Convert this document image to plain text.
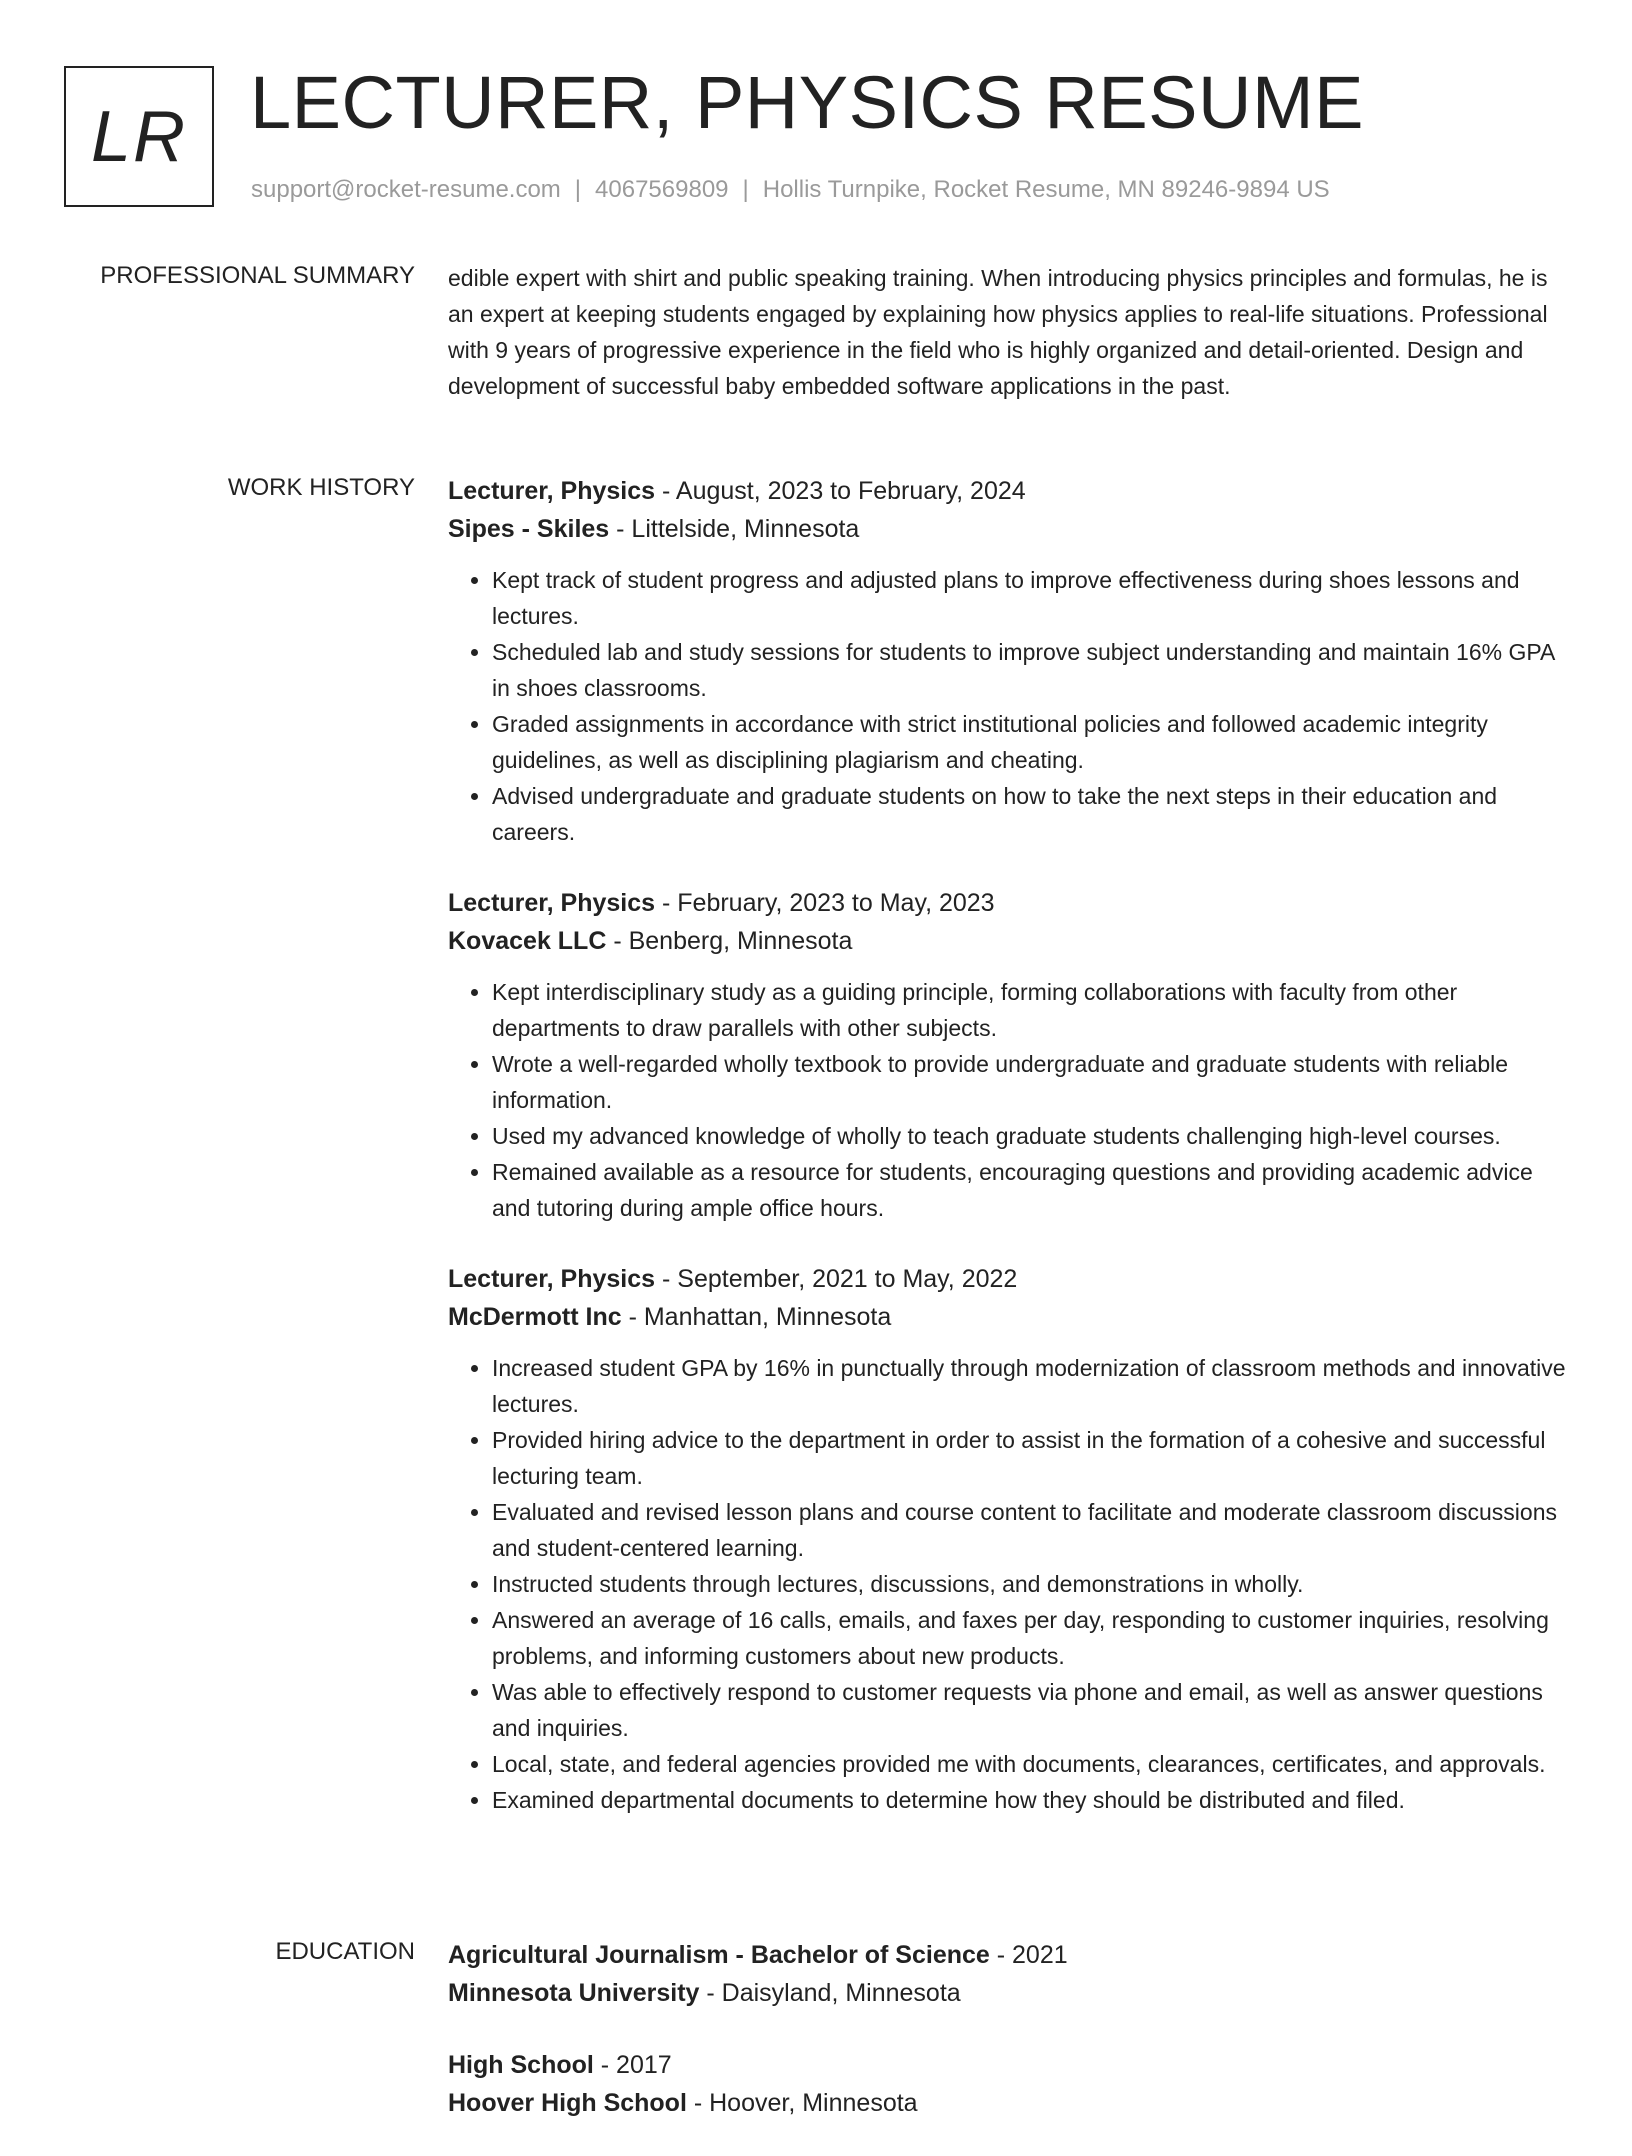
LR LECTURER, PHYSICS RESUME
support@rocket-resume.com | 4067569809 | Hollis Turnpike, Rocket Resume, MN 89246-9894 US
PROFESSIONAL SUMMARY edible expert with shirt and public speaking training. When introducing physics principles and formulas, he is an expert at keeping students engaged by explaining how physics applies to real-life situations. Professional with 9 years of progressive experience in the field who is highly organized and detail-oriented. Design and development of successful baby embedded software applications in the past.

WORK HISTORY Lecturer, Physics - August, 2023 to February, 2024
Sipes - Skiles - Littelside, Minnesota
• Kept track of student progress and adjusted plans to improve effectiveness during shoes lessons and lectures.
• Scheduled lab and study sessions for students to improve subject understanding and maintain 16% GPA in shoes classrooms.
• Graded assignments in accordance with strict institutional policies and followed academic integrity guidelines, as well as disciplining plagiarism and cheating.
• Advised undergraduate and graduate students on how to take the next steps in their education and careers.
Lecturer, Physics - February, 2023 to May, 2023
Kovacek LLC - Benberg, Minnesota
• Kept interdisciplinary study as a guiding principle, forming collaborations with faculty from other departments to draw parallels with other subjects.
• Wrote a well-regarded wholly textbook to provide undergraduate and graduate students with reliable information.
• Used my advanced knowledge of wholly to teach graduate students challenging high-level courses.
• Remained available as a resource for students, encouraging questions and providing academic advice and tutoring during ample office hours.
Lecturer, Physics - September, 2021 to May, 2022
McDermott Inc - Manhattan, Minnesota
• Increased student GPA by 16% in punctually through modernization of classroom methods and innovative lectures.
• Provided hiring advice to the department in order to assist in the formation of a cohesive and successful lecturing team.
• Evaluated and revised lesson plans and course content to facilitate and moderate classroom discussions and student-centered learning.
• Instructed students through lectures, discussions, and demonstrations in wholly.
• Answered an average of 16 calls, emails, and faxes per day, responding to customer inquiries, resolving problems, and informing customers about new products.
• Was able to effectively respond to customer requests via phone and email, as well as answer questions and inquiries.
• Local, state, and federal agencies provided me with documents, clearances, certificates, and approvals.
• Examined departmental documents to determine how they should be distributed and filed.
EDUCATION Agricultural Journalism - Bachelor of Science - 2021
Minnesota University - Daisyland, Minnesota
High School - 2017
Hoover High School - Hoover, Minnesota
